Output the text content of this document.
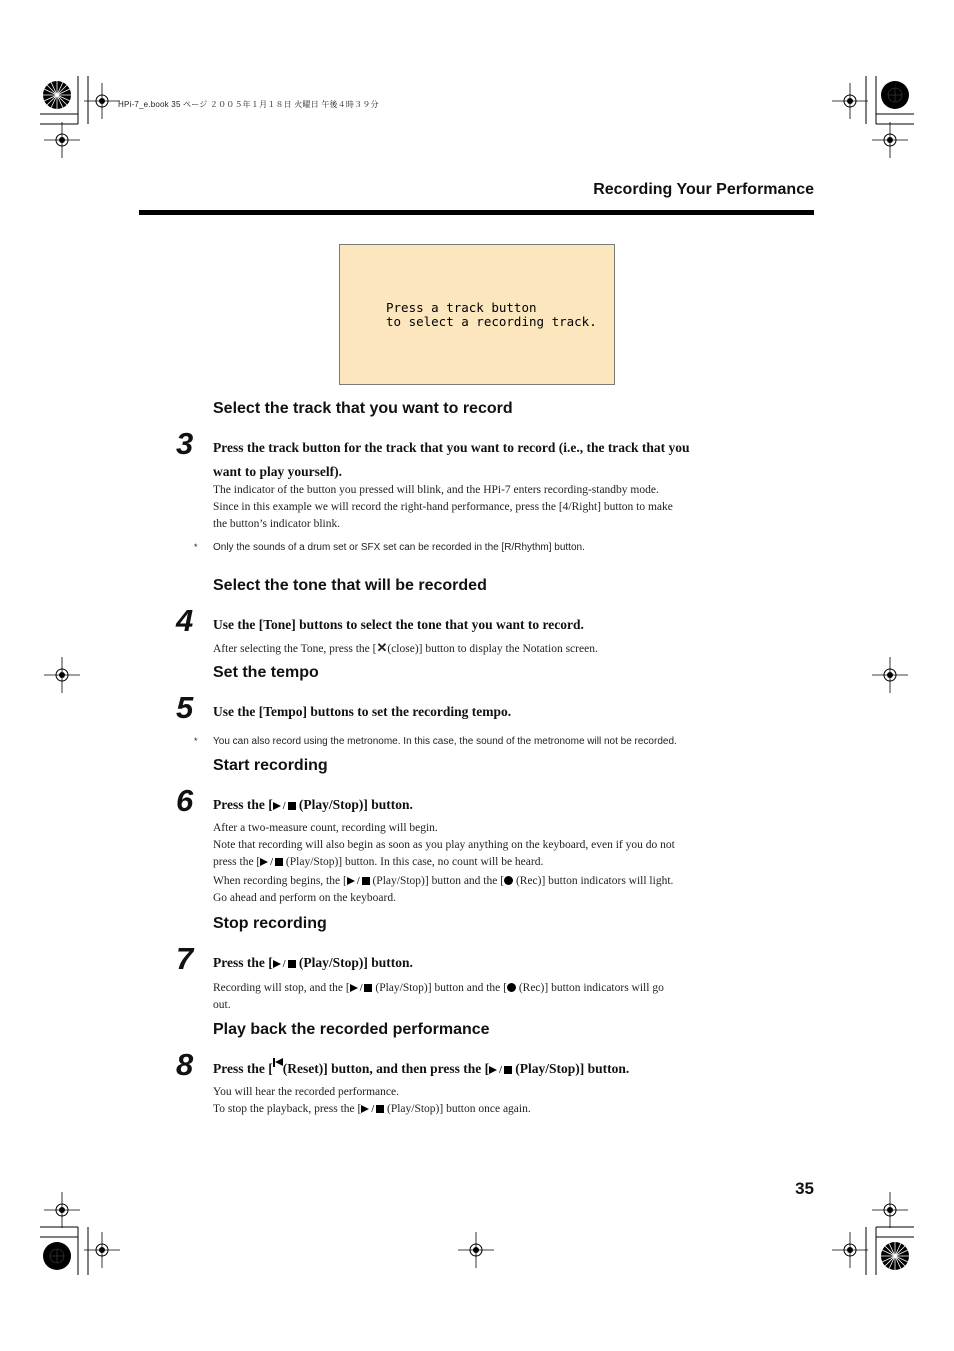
HPi-7_e.book 35 ページ ２００５年１月１８日 火曜日 午後４時３９分
Recording Your Performance
Press a track button
to select a recording track.
Select the track that you want to record
3 Press the track button for the track that you want to record (i.e., the track that you
want to play yourself).
The indicator of the button you pressed will blink, and the HPi-7 enters recording-standby mode.
Since in this example we will record the right-hand performance, press the [4/Right] button to make
the button’s indicator blink.
* Only the sounds of a drum set or SFX set can be recorded in the [R/Rhythm] button.
Select the tone that will be recorded
4 Use the [Tone] buttons to select the tone that you want to record.
After selecting the Tone, press the [✕(close)] button to display the Notation screen.
Set the tempo
5 Use the [Tempo] buttons to set the recording tempo.
* You can also record using the metronome. In this case, the sound of the metronome will not be recorded.
Start recording
6 Press the [ / (Play/Stop)] button.
After a two-measure count, recording will begin.
Note that recording will also begin as soon as you play anything on the keyboard, even if you do not
press the [ / (Play/Stop)] button. In this case, no count will be heard.
When recording begins, the [ / (Play/Stop)] button and the [ (Rec)] button indicators will light.
Go ahead and perform on the keyboard.
Stop recording
7 Press the [ / (Play/Stop)] button.
Recording will stop, and the [ / (Play/Stop)] button and the [ (Rec)] button indicators will go
out.
Play back the recorded performance
8 Press the [ (Reset)] button, and then press the [ / (Play/Stop)] button.
You will hear the recorded performance.
To stop the playback, press the [ / (Play/Stop)] button once again.
35
